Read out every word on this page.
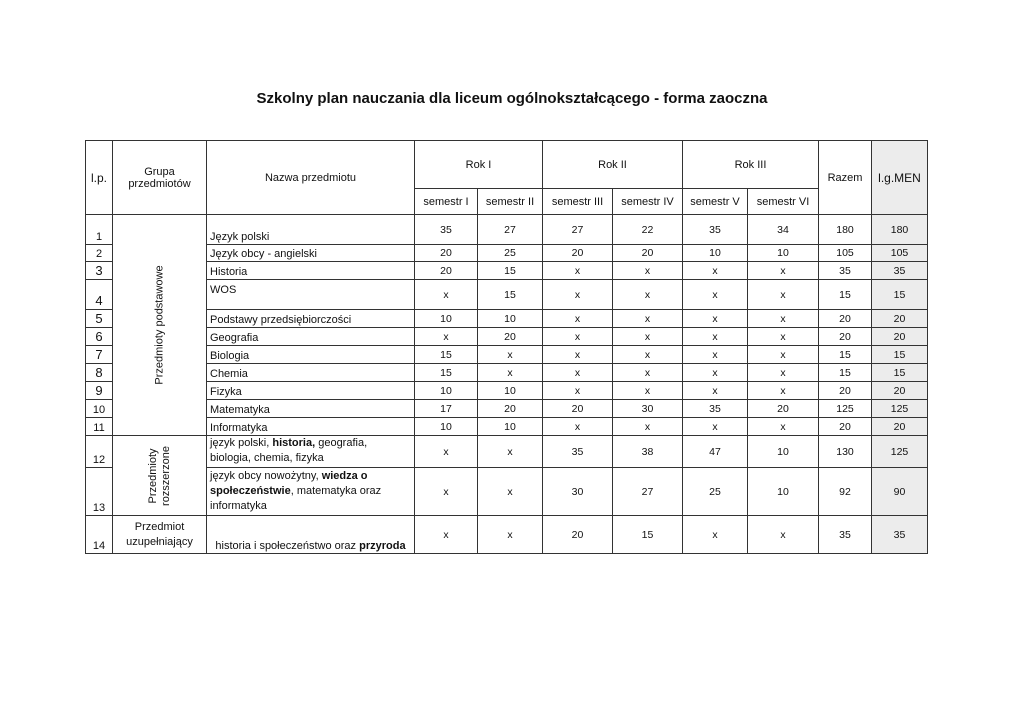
Szkolny plan nauczania dla liceum ogólnokształcącego - forma zaoczna
l.p.	Grupa przedmiotów	Nazwa przedmiotu	Rok I		Rok II		Rok III		Razem	l.g.MEN
			semestr I	semestr II	semestr III	semestr IV	semestr V	semestr VI		
1	Przedmioty podstawowe	Język polski	35	27	27	22	35	34	180	180
2		Język obcy - angielski	20	25	20	20	10	10	105	105
3		Historia	20	15	x	x	x	x	35	35
4		WOS	x	15	x	x	x	x	15	15
5		Podstawy przedsiębiorczości	10	10	x	x	x	x	20	20
6		Geografia	x	20	x	x	x	x	20	20
7		Biologia	15	x	x	x	x	x	15	15
8		Chemia	15	x	x	x	x	x	15	15
9		Fizyka	10	10	x	x	x	x	20	20
10		Matematyka	17	20	20	30	35	20	125	125
11		Informatyka	10	10	x	x	x	x	20	20
12	Przedmioty rozszerzone	język polski, historia, geografia, biologia, chemia, fizyka	x	x	35	38	47	10	130	125
13		język obcy nowożytny, wiedza o społeczeństwie, matematyka oraz informatyka	x	x	30	27	25	10	92	90
14	Przedmiot uzupełniający	historia i społeczeństwo oraz przyroda	x	x	20	15	x	x	35	35
